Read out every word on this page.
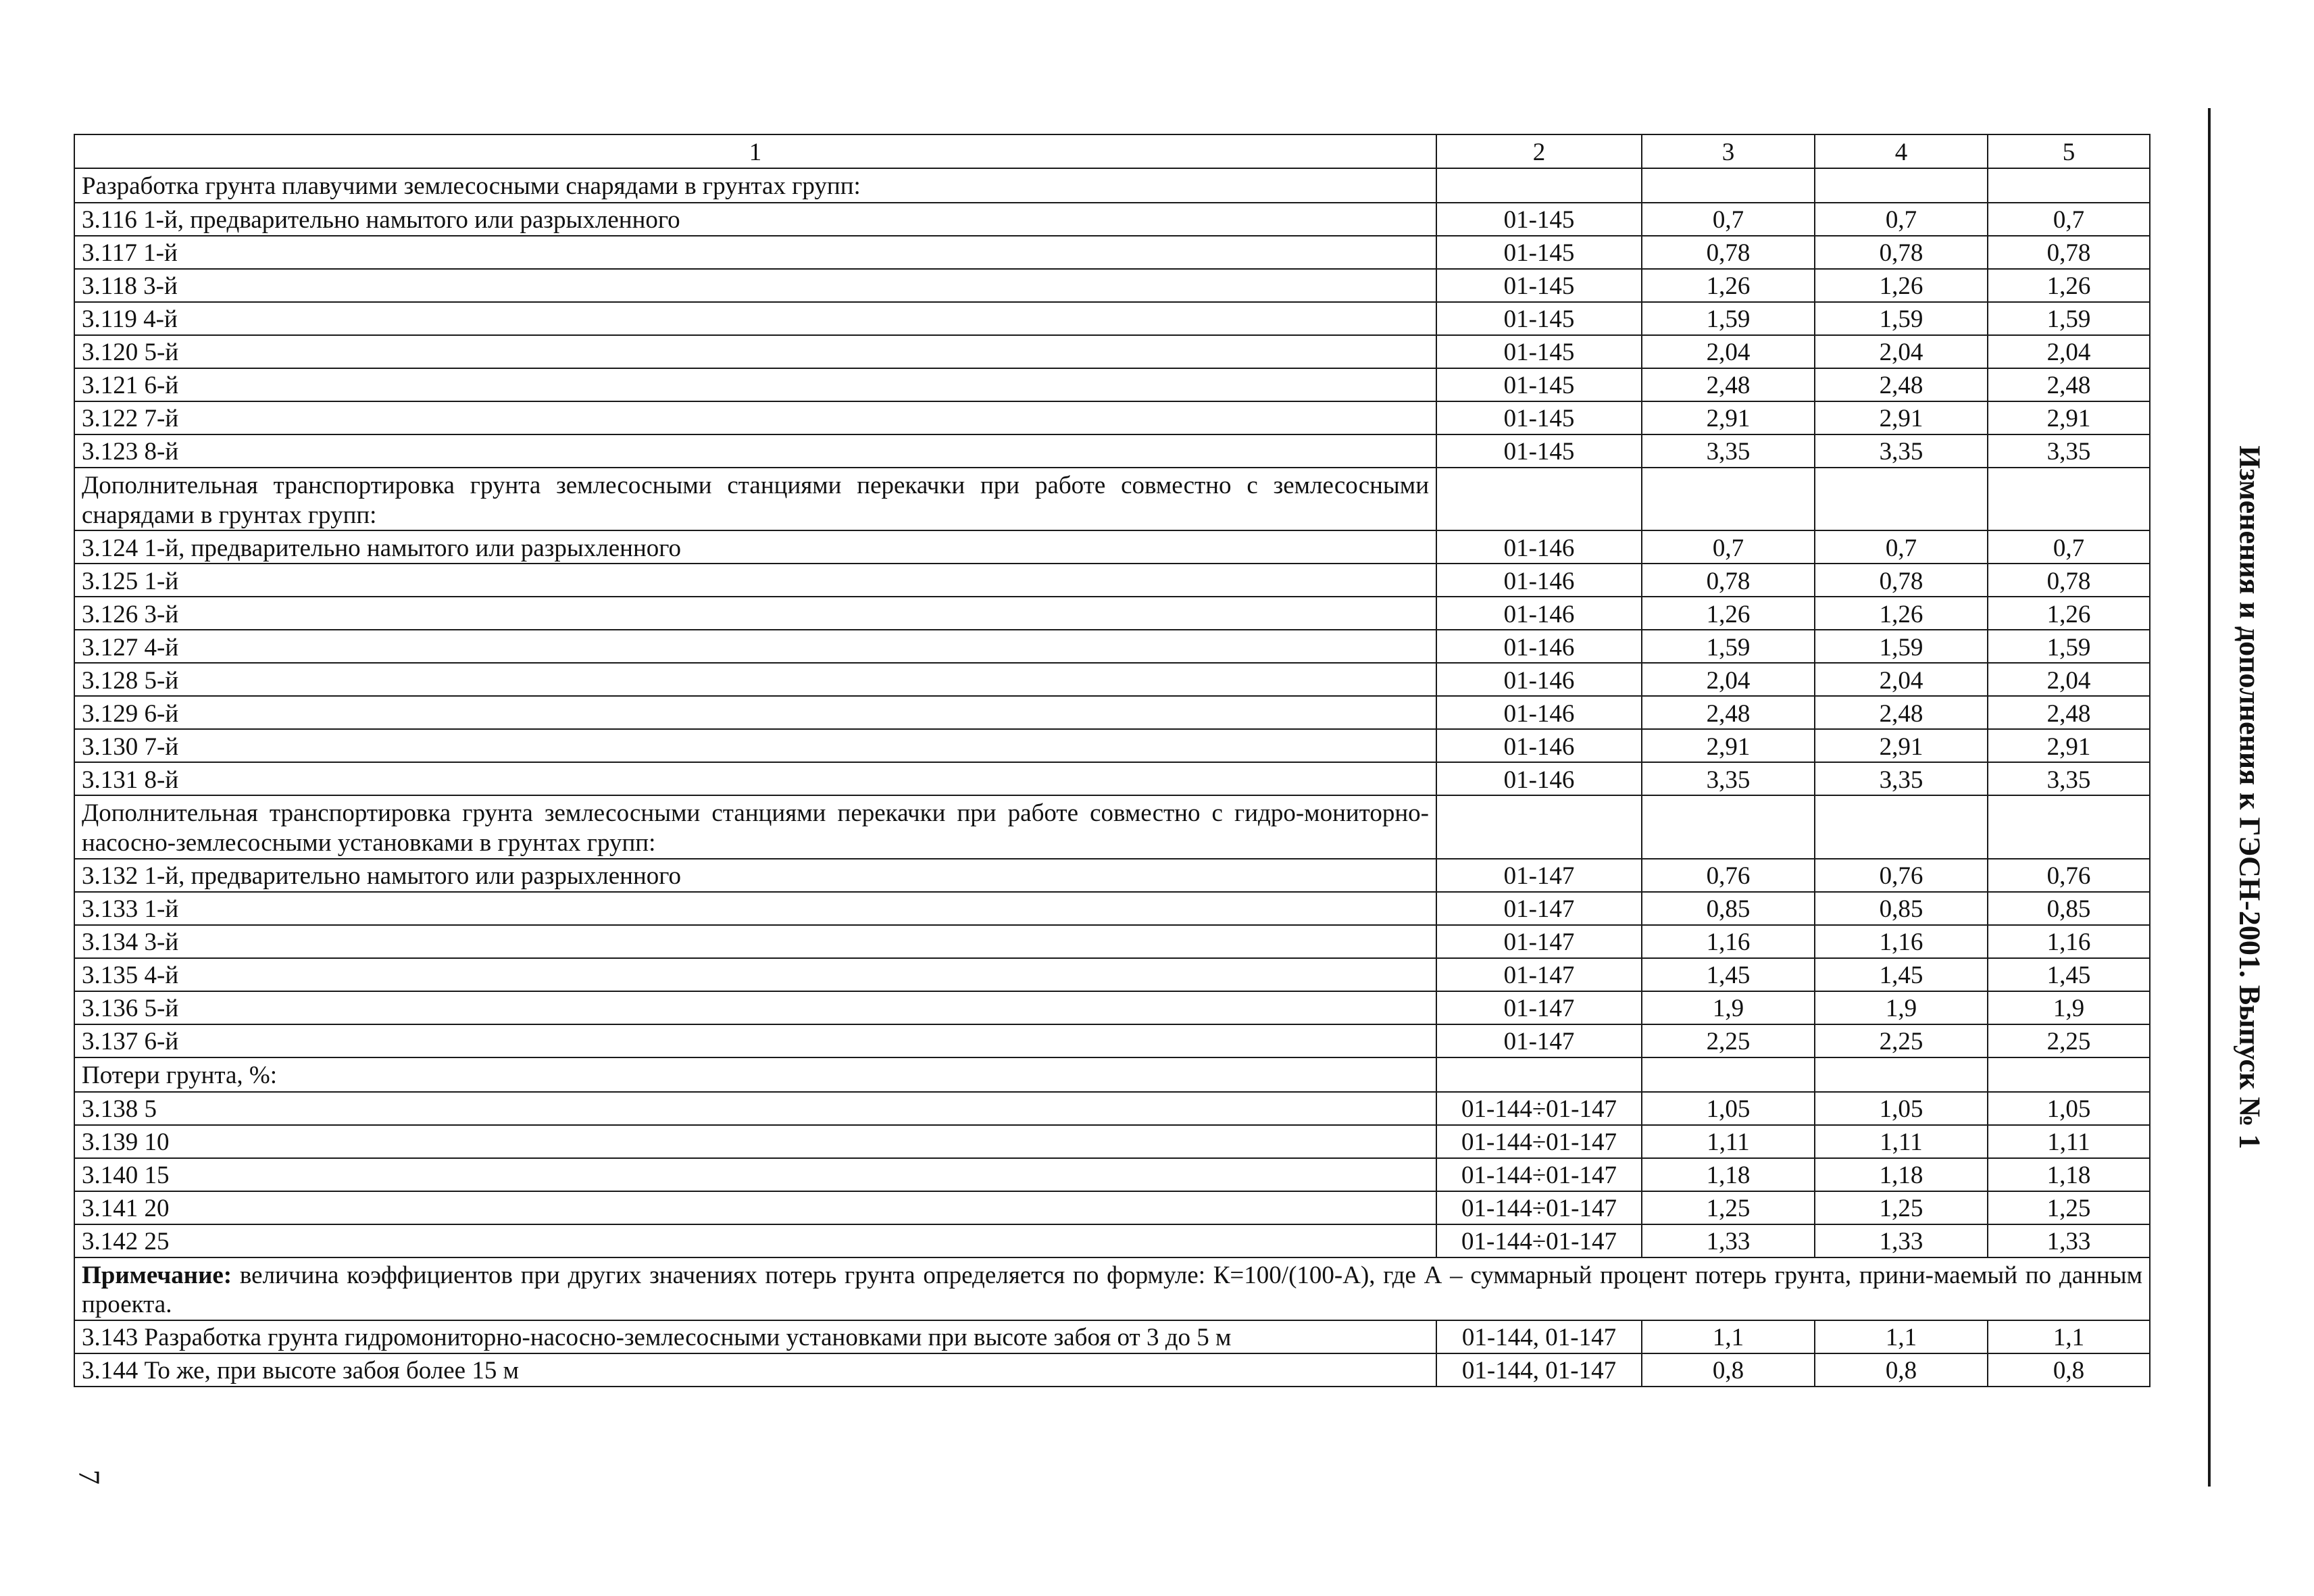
1	2	3	4	5
Разработка грунта плавучими землесосными снарядами в грунтах групп:				
3.116 1-й, предварительно намытого или разрыхленного	01-145	0,7	0,7	0,7
3.117 1-й	01-145	0,78	0,78	0,78
3.118 3-й	01-145	1,26	1,26	1,26
3.119 4-й	01-145	1,59	1,59	1,59
3.120 5-й	01-145	2,04	2,04	2,04
3.121 6-й	01-145	2,48	2,48	2,48
3.122 7-й	01-145	2,91	2,91	2,91
3.123 8-й	01-145	3,35	3,35	3,35
Дополнительная транспортировка грунта землесосными станциями перекачки при работе совместно с землесосными снарядами в грунтах групп:				
3.124 1-й, предварительно намытого или разрыхленного	01-146	0,7	0,7	0,7
3.125 1-й	01-146	0,78	0,78	0,78
3.126 3-й	01-146	1,26	1,26	1,26
3.127 4-й	01-146	1,59	1,59	1,59
3.128 5-й	01-146	2,04	2,04	2,04
3.129 6-й	01-146	2,48	2,48	2,48
3.130 7-й	01-146	2,91	2,91	2,91
3.131 8-й	01-146	3,35	3,35	3,35
Дополнительная транспортировка грунта землесосными станциями перекачки при работе совместно с гидро-мониторно-насосно-землесосными установками в грунтах групп:				
3.132 1-й, предварительно намытого или разрыхленного	01-147	0,76	0,76	0,76
3.133 1-й	01-147	0,85	0,85	0,85
3.134 3-й	01-147	1,16	1,16	1,16
3.135 4-й	01-147	1,45	1,45	1,45
3.136 5-й	01-147	1,9	1,9	1,9
3.137 6-й	01-147	2,25	2,25	2,25
Потери грунта, %:				
3.138 5	01-144÷01-147	1,05	1,05	1,05
3.139 10	01-144÷01-147	1,11	1,11	1,11
3.140 15	01-144÷01-147	1,18	1,18	1,18
3.141 20	01-144÷01-147	1,25	1,25	1,25
3.142 25	01-144÷01-147	1,33	1,33	1,33
Примечание: величина коэффициентов при других значениях потерь грунта определяется по формуле: К=100/(100-А), где А – суммарный процент потерь грунта, прини-маемый по данным проекта.				
3.143 Разработка грунта гидромониторно-насосно-землесосными установками при высоте забоя от 3 до 5 м	01-144, 01-147	1,1	1,1	1,1
3.144 То же, при высоте забоя более 15 м	01-144, 01-147	0,8	0,8	0,8
Изменения и дополнения к ГЭСН-2001. Выпуск № 1
7
